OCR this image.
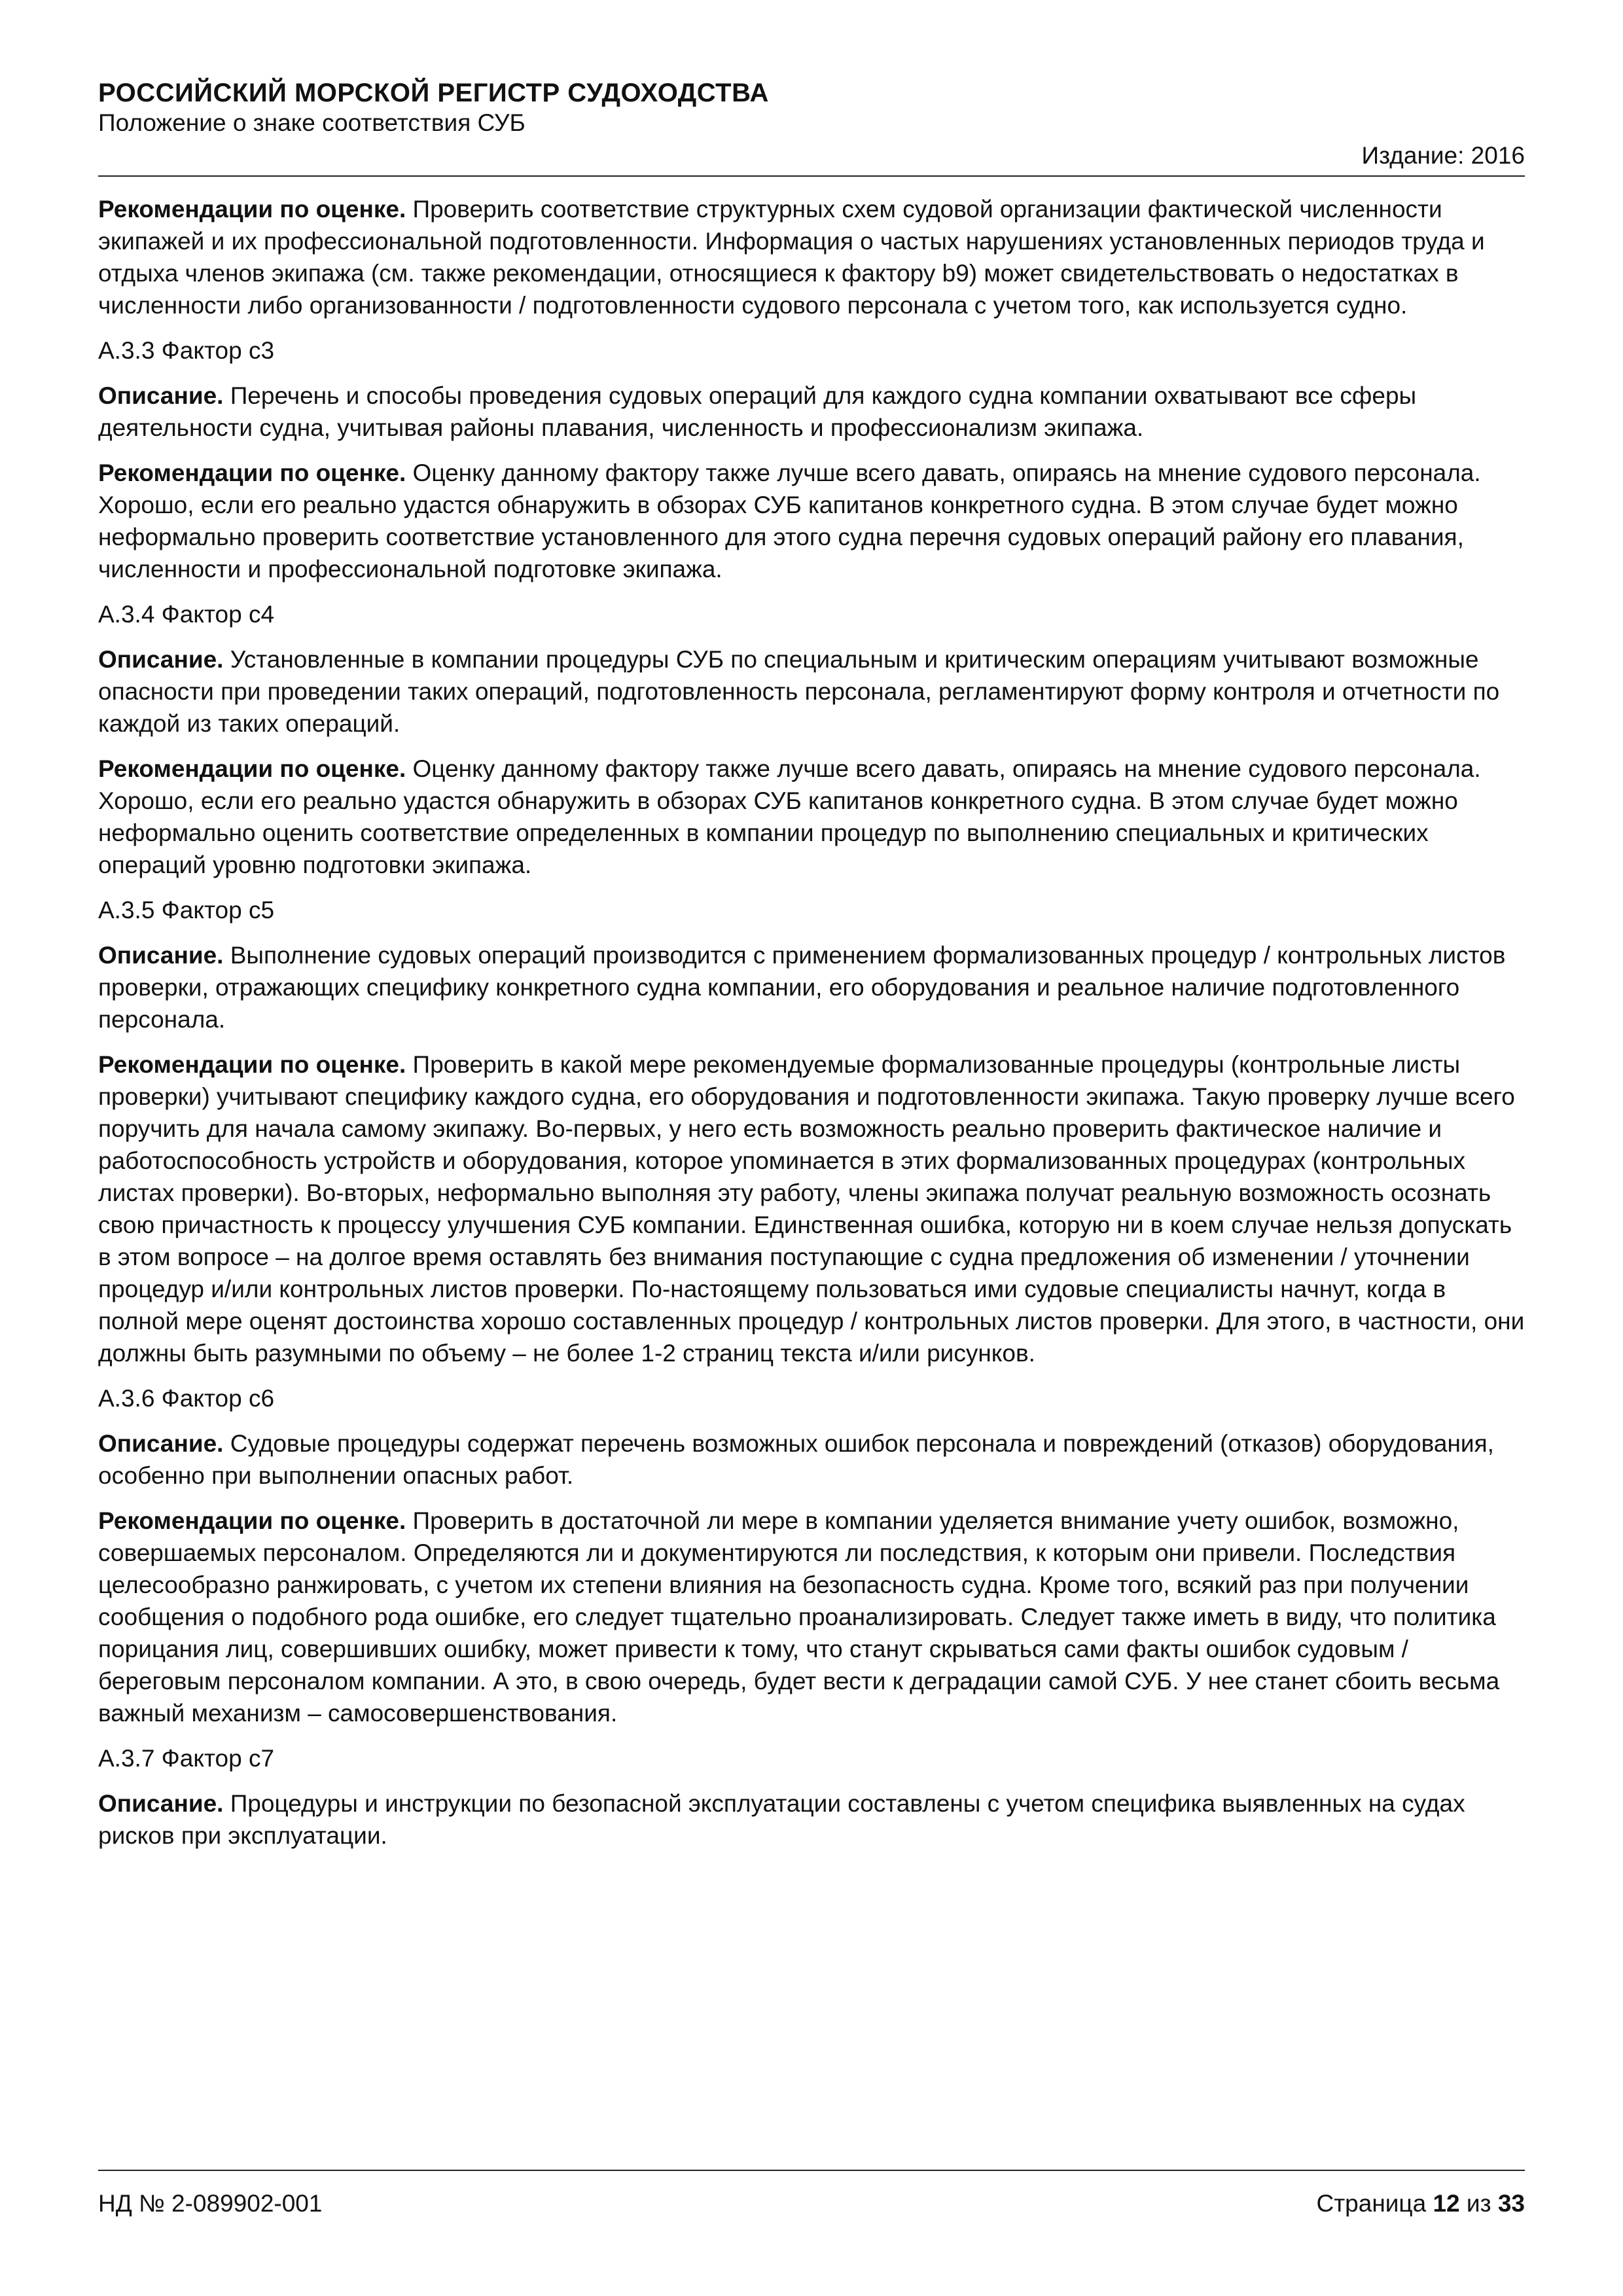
РОССИЙСКИЙ МОРСКОЙ РЕГИСТР СУДОХОДСТВА
Положение о знаке соответствия СУБ
Издание: 2016

Рекомендации по оценке. Проверить соответствие структурных схем судовой организации фактической численности экипажей и их профессиональной подготовленности. Информация о частых нарушениях установленных периодов труда и отдыха членов экипажа (см. также рекомендации, относящиеся к фактору b9) может свидетельствовать о недостатках в численности либо организованности / подготовленности судового персонала с учетом того, как используется судно.

А.3.3 Фактор с3

Описание. Перечень и способы проведения судовых операций для каждого судна компании охватывают все сферы деятельности судна, учитывая районы плавания, численность и профессионализм экипажа.

Рекомендации по оценке. Оценку данному фактору также лучше всего давать, опираясь на мнение судового персонала. Хорошо, если его реально удастся обнаружить в обзорах СУБ капитанов конкретного судна. В этом случае будет можно неформально проверить соответствие установленного для этого судна перечня судовых операций району его плавания, численности и профессиональной подготовке экипажа.

А.3.4 Фактор с4

Описание. Установленные в компании процедуры СУБ по специальным и критическим операциям учитывают возможные опасности при проведении таких операций, подготовленность персонала, регламентируют форму контроля и отчетности по каждой из таких операций.

Рекомендации по оценке. Оценку данному фактору также лучше всего давать, опираясь на мнение судового персонала. Хорошо, если его реально удастся обнаружить в обзорах СУБ капитанов конкретного судна. В этом случае будет можно неформально оценить соответствие определенных в компании процедур по выполнению специальных и критических операций уровню подготовки экипажа.

А.3.5 Фактор с5

Описание. Выполнение судовых операций производится с применением формализованных процедур / контрольных листов проверки, отражающих специфику конкретного судна компании, его оборудования и реальное наличие подготовленного персонала.

Рекомендации по оценке. Проверить в какой мере рекомендуемые формализованные процедуры (контрольные листы проверки) учитывают специфику каждого судна, его оборудования и подготовленности экипажа. Такую проверку лучше всего поручить для начала самому экипажу. Во-первых, у него есть возможность реально проверить фактическое наличие и работоспособность устройств и оборудования, которое упоминается в этих формализованных процедурах (контрольных листах проверки). Во-вторых, неформально выполняя эту работу, члены экипажа получат реальную возможность осознать свою причастность к процессу улучшения СУБ компании. Единственная ошибка, которую ни в коем случае нельзя допускать в этом вопросе – на долгое время оставлять без внимания поступающие с судна предложения об изменении / уточнении процедур и/или контрольных листов проверки. По-настоящему пользоваться ими судовые специалисты начнут, когда в полной мере оценят достоинства хорошо составленных процедур / контрольных листов проверки. Для этого, в частности, они должны быть разумными по объему – не более 1-2 страниц текста и/или рисунков.

А.3.6 Фактор с6

Описание. Судовые процедуры содержат перечень возможных ошибок персонала и повреждений (отказов) оборудования, особенно при выполнении опасных работ.

Рекомендации по оценке. Проверить в достаточной ли мере в компании уделяется внимание учету ошибок, возможно, совершаемых персоналом. Определяются ли и документируются ли последствия, к которым они привели. Последствия целесообразно ранжировать, с учетом их степени влияния на безопасность судна. Кроме того, всякий раз при получении сообщения о подобного рода ошибке, его следует тщательно проанализировать. Следует также иметь в виду, что политика порицания лиц, совершивших ошибку, может привести к тому, что станут скрываться сами факты ошибок судовым / береговым персоналом компании. А это, в свою очередь, будет вести к деградации самой СУБ. У нее станет сбоить весьма важный механизм – самосовершенствования.

А.3.7 Фактор с7

Описание. Процедуры и инструкции по безопасной эксплуатации составлены с учетом специфика выявленных на судах рисков при эксплуатации.

НД № 2-089902-001	Страница 12 из 33
